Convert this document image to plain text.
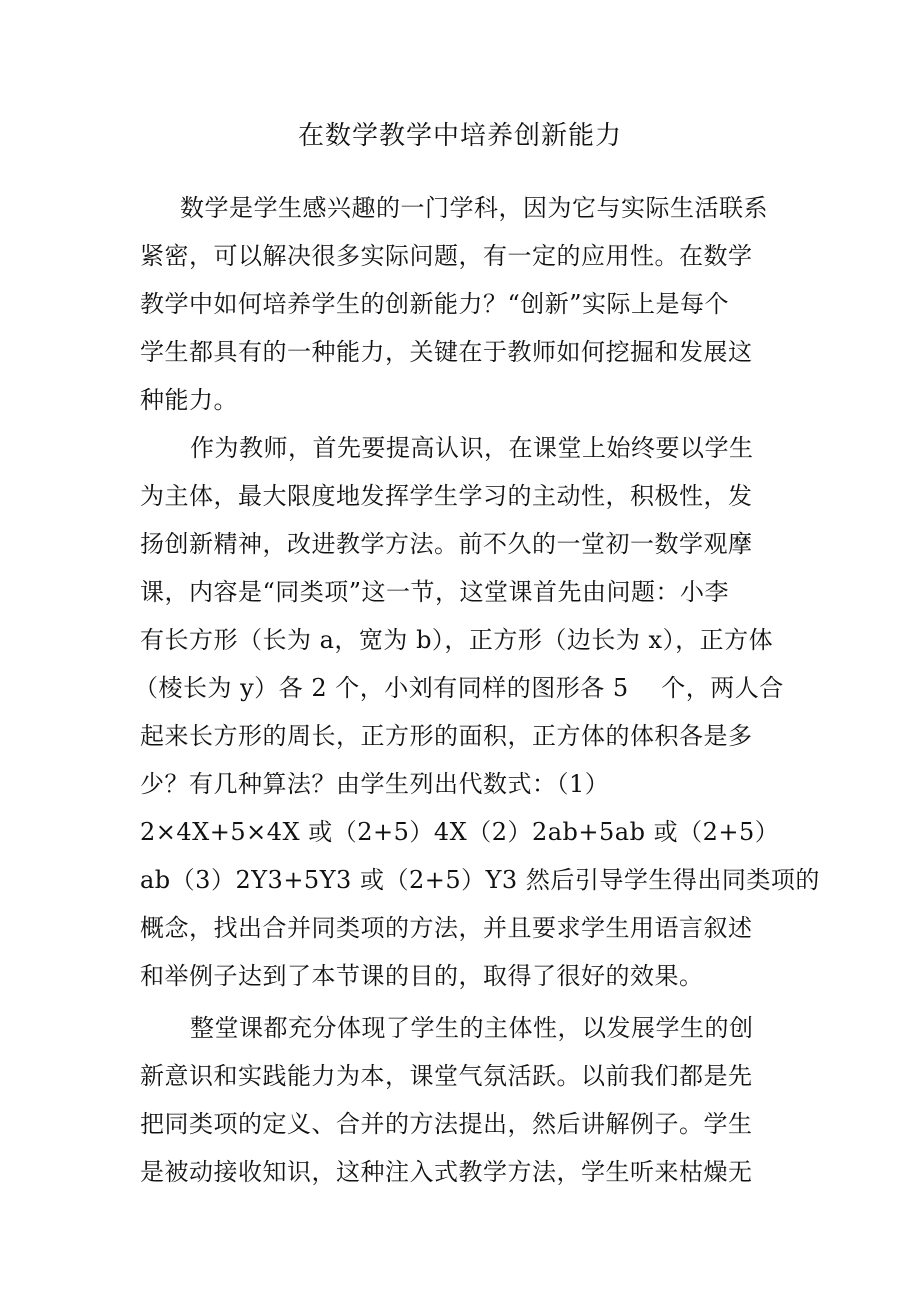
在数学教学中培养创新能力
数学是学生感兴趣的一门学科，因为它与实际生活联系
紧密，可以解决很多实际问题，有一定的应用性。在数学
教学中如何培养学生的创新能力？“创新”实际上是每个
学生都具有的一种能力，关键在于教师如何挖掘和发展这
种能力。
作为教师，首先要提高认识，在课堂上始终要以学生
为主体，最大限度地发挥学生学习的主动性，积极性，发
扬创新精神，改进教学方法。前不久的一堂初一数学观摩
课，内容是“同类项”这一节，这堂课首先由问题：小李
有长方形（长为 a，宽为 b），正方形（边长为 x），正方体
（棱长为 y）各 2 个，小刘有同样的图形各 5　 个，两人合
起来长方形的周长，正方形的面积，正方体的体积各是多
少？有几种算法？由学生列出代数式：（1）
2×4X+5×4X 或（2+5）4X（2）2ab+5ab 或（2+5）
ab（3）2Y3+5Y3 或（2+5）Y3 然后引导学生得出同类项的
概念，找出合并同类项的方法，并且要求学生用语言叙述
和举例子达到了本节课的目的，取得了很好的效果。
整堂课都充分体现了学生的主体性，以发展学生的创
新意识和实践能力为本，课堂气氛活跃。以前我们都是先
把同类项的定义、合并的方法提出，然后讲解例子。学生
是被动接收知识，这种注入式教学方法，学生听来枯燥无
